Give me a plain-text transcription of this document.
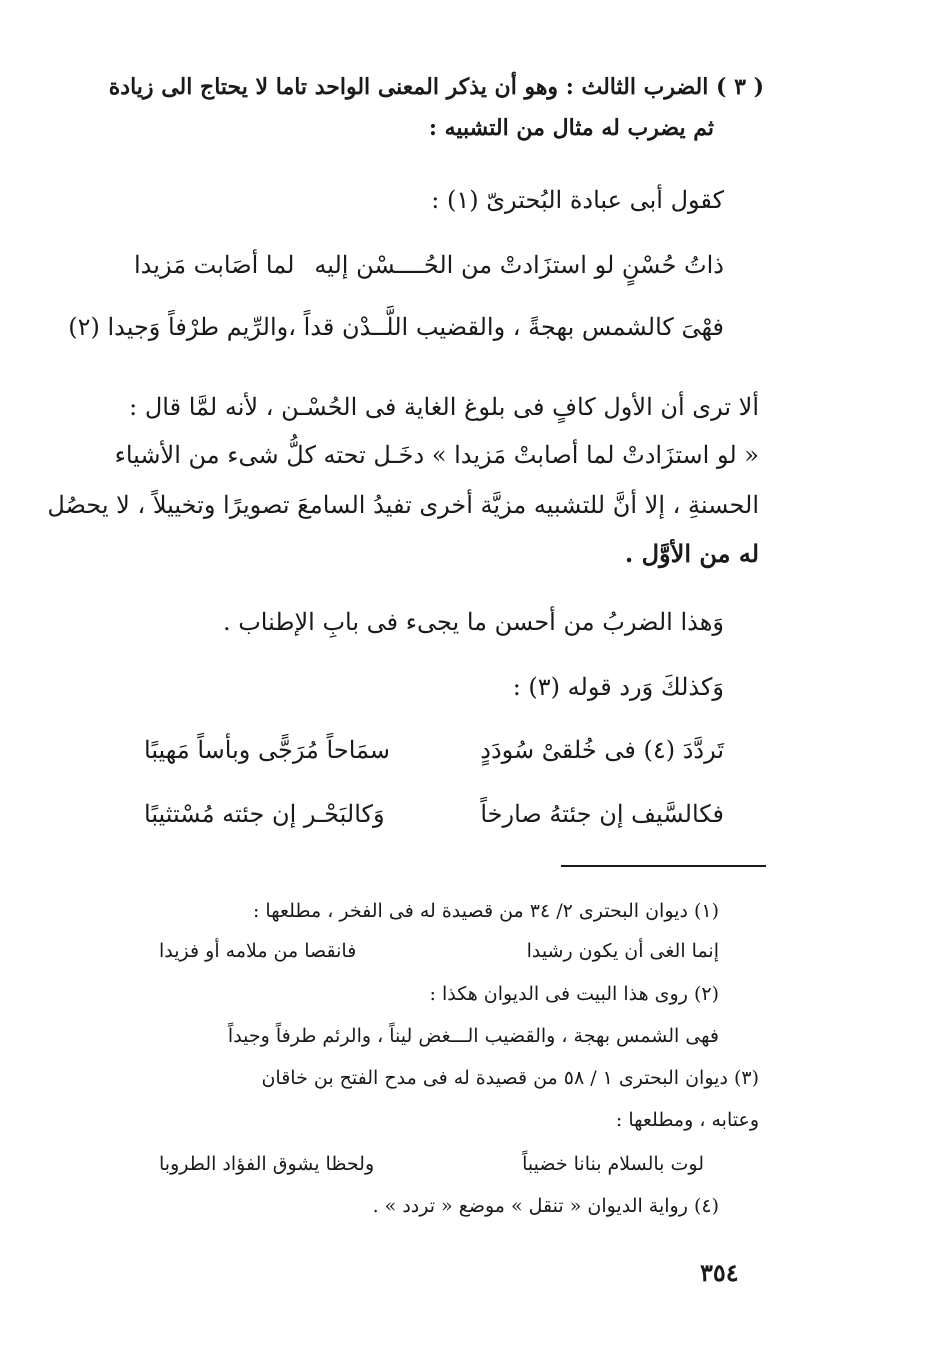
( ٣ ) الضرب الثالث : وهو أن يذكر المعنى الواحد تاما لا يحتاج الى زيادة
ثم يضرب له مثال من التشبيه :
كقول أبى عبادة البُحترىّ (١) :
ذاتُ حُسْنٍ لو استزَادتْ من الحُــــسْن إليه
لما أصَابت مَزيدا
فهْىَ كالشمس بهجةً ، والقضيب اللَّــدْن قداً ،
والرِّيم طرْفاً وَجيدا (٢)
ألا ترى أن الأول كافٍ فى بلوغ الغاية فى الحُسْـن ، لأنه لمَّا قال :
« لو استزَادتْ لما أصابتْ مَزيدا » دخَـل تحته كلُّ شىء من الأشياء
الحسنةِ ، إلا أنَّ للتشبيه مزيَّة أخرى تفيدُ السامعَ تصويرًا وتخييلاً ، لا يحصُل
له من الأوَّل .
وَهذا الضربُ من أحسن ما يجىء فى بابِ الإطناب .
وَكذلكَ وَرد قوله (٣) :
تَردَّدَ (٤) فى خُلقىْ سُودَدٍ
سمَاحاً مُرَجًّى وبأساً مَهيبًا
فكالسَّيف إن جئتهُ صارخاً
وَكالبَحْـر إن جئته مُسْتثيبًا
(١) ديوان البحترى ٢/ ٣٤ من قصيدة له فى الفخر ، مطلعها :
إنما الغى أن يكون رشيدا
فانقصا من ملامه أو فزيدا
(٢) روى هذا البيت فى الديوان هكذا :
فهى الشمس بهجة ، والقضيب الـــغض ليناً ، والرئم طرفاً وجيداً
(٣) ديوان البحترى ١ / ٥٨ من قصيدة له فى مدح الفتح بن خاقان
وعتابه ، ومطلعها :
لوت بالسلام بنانا خضيباً
ولحظا يشوق الفؤاد الطروبا
(٤) رواية الديوان « تنقل » موضع « تردد » .
٣٥٤
